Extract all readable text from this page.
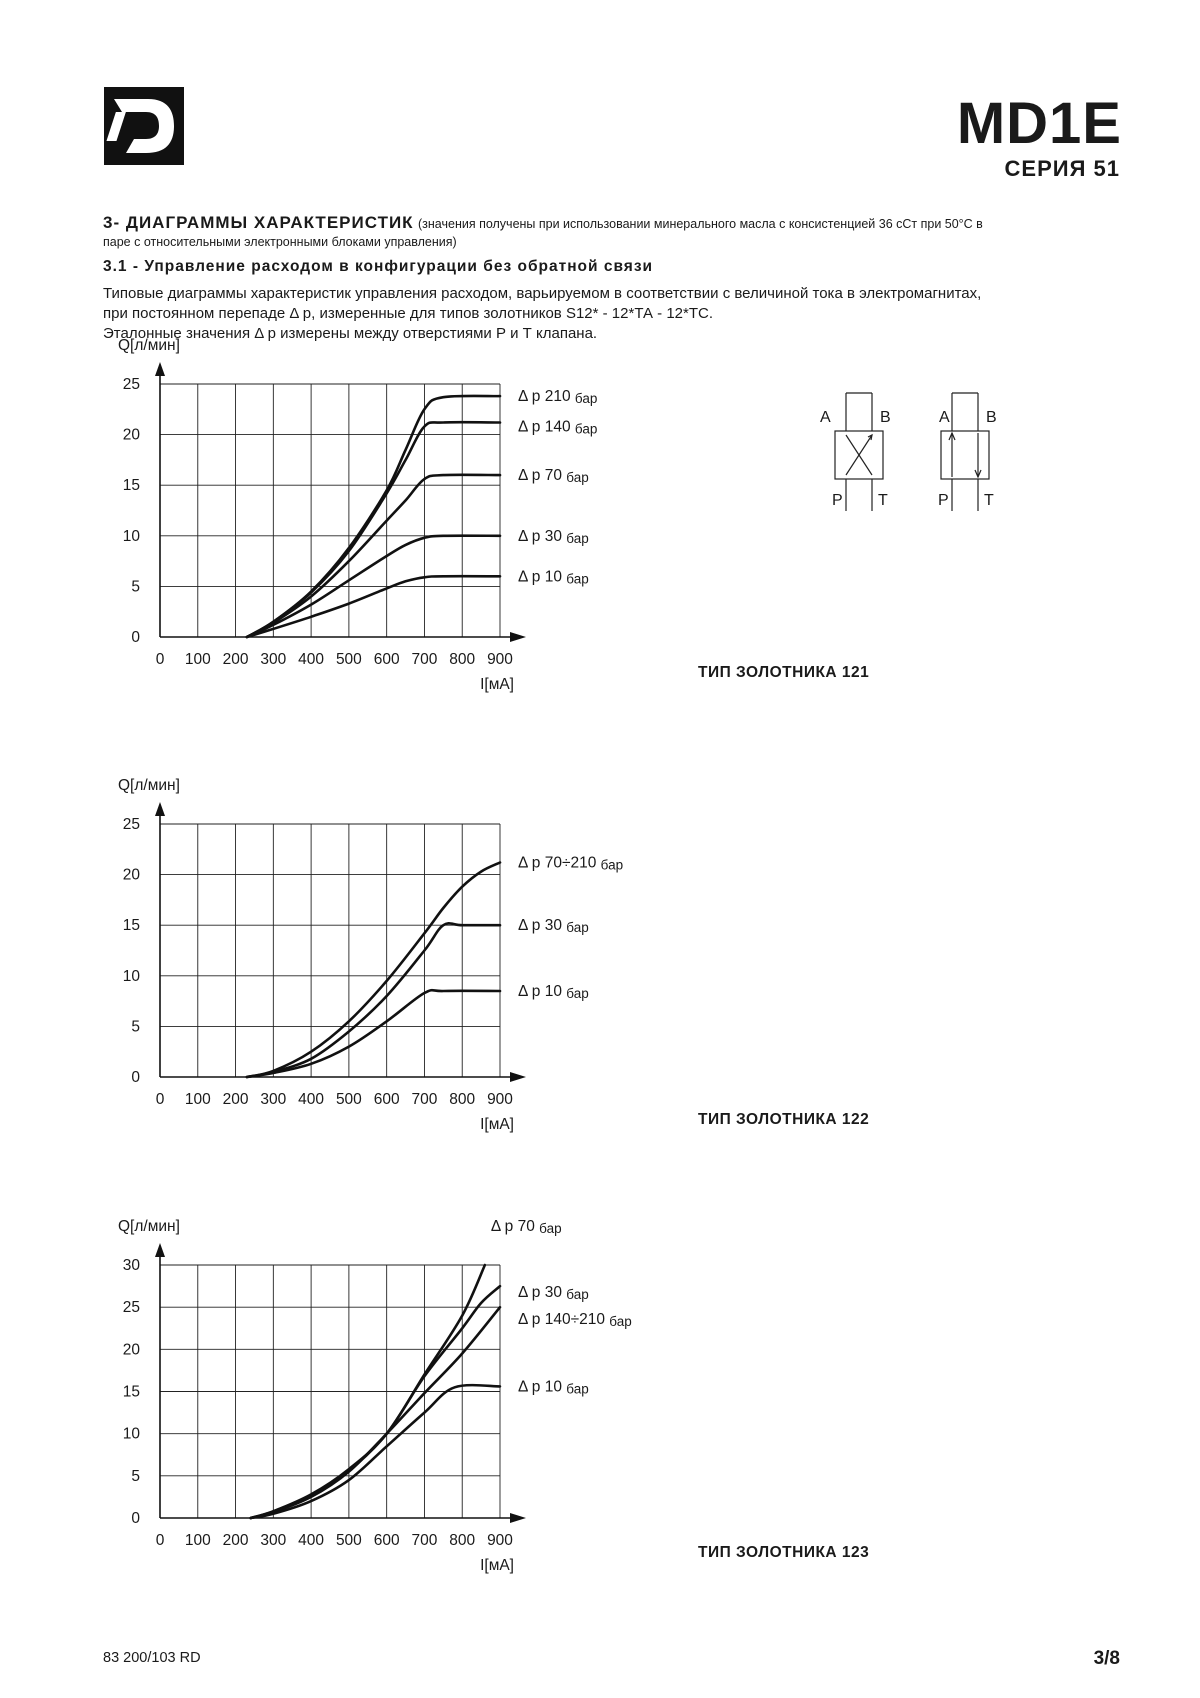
MD1E
СЕРИЯ 51
3- ДИАГРАММЫ ХАРАКТЕРИСТИК (значения получены при использовании минерального масла с консистенцией 36 сСт при 50°С в
паре с относительными электронными блоками управления)
3.1 - Управление расходом в конфигурации без обратной связи
Типовые диаграммы характеристик управления расходом, варьируемом в соответствии с величиной тока в электромагнитах,
при постоянном перепаде Δ р, измеренные для типов золотников S12* - 12*ТА - 12*ТС.
Эталонные значения Δ р измерены между отверстиями Р и Т клапана.
0 100 200 300 400 500 600 700 800 900
0
5
10
15
20
25
Q[л/мин]
I[мА]
Δ р 210 бар
Δ р 140 бар
Δ р 70 бар
Δ р 30 бар
Δ р 10 бар
0 100 200 300 400 500 600 700 800 900
0
5
10
15
20
25
Q[л/мин]
I[мА]
Δ р 70÷210 бар
Δ р 30 бар
Δ р 10 бар
0 100 200 300 400 500 600 700 800 900
0
5
10
15
20
25
30
Q[л/мин]
I[мА]
Δ р 70 бар
Δ р 30 бар
Δ р 140÷210 бар
Δ р 10 бар
ТИП ЗОЛОТНИКА 121
ТИП ЗОЛОТНИКА 122
ТИП ЗОЛОТНИКА 123
A	B
P T
A B
P T
83 200/103 RD	3/8
